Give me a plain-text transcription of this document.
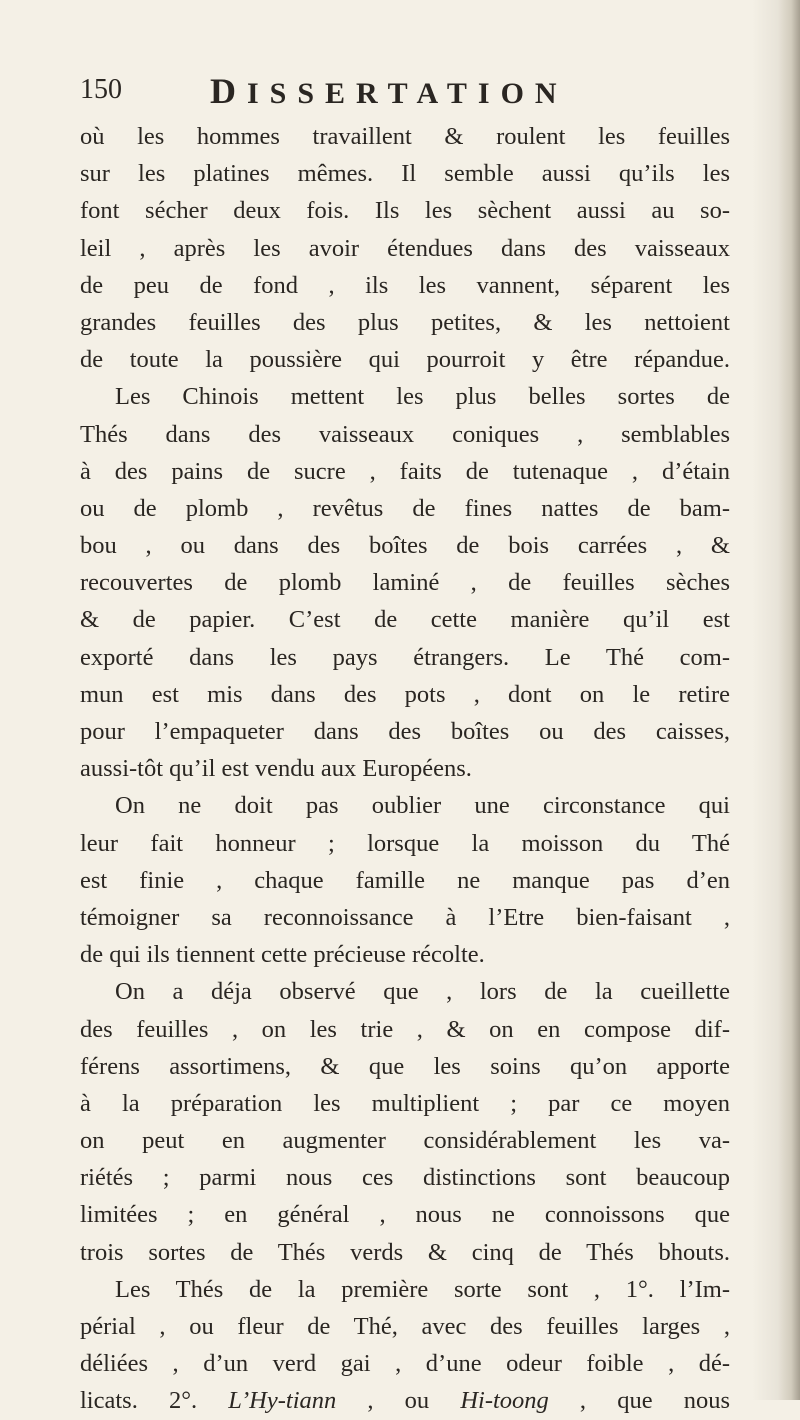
150 DISSERTATION
où les hommes travaillent & roulent les feuilles
sur les platines mêmes. Il semble aussi qu’ils les
font sécher deux fois. Ils les sèchent aussi au so-
leil , après les avoir étendues dans des vaisseaux
de peu de fond , ils les vannent, séparent les
grandes feuilles des plus petites, & les nettoient
de toute la poussière qui pourroit y être répandue.
Les Chinois mettent les plus belles sortes de
Thés dans des vaisseaux coniques , semblables
à des pains de sucre , faits de tutenaque , d’étain
ou de plomb , revêtus de fines nattes de bam-
bou , ou dans des boîtes de bois carrées , &
recouvertes de plomb laminé , de feuilles sèches
& de papier. C’est de cette manière qu’il est
exporté dans les pays étrangers. Le Thé com-
mun est mis dans des pots , dont on le retire
pour l’empaqueter dans des boîtes ou des caisses,
aussi-tôt qu’il est vendu aux Européens.
On ne doit pas oublier une circonstance qui
leur fait honneur ; lorsque la moisson du Thé
est finie , chaque famille ne manque pas d’en
témoigner sa reconnoissance à l’Etre bien-faisant ,
de qui ils tiennent cette précieuse récolte.
On a déja observé que , lors de la cueillette
des feuilles , on les trie , & on en compose dif-
férens assortimens, & que les soins qu’on apporte
à la préparation les multiplient ; par ce moyen
on peut en augmenter considérablement les va-
riétés ; parmi nous ces distinctions sont beaucoup
limitées ; en général , nous ne connoissons que
trois sortes de Thés verds & cinq de Thés bhouts.
Les Thés de la première sorte sont , 1°. l’Im-
périal , ou fleur de Thé, avec des feuilles larges ,
déliées , d’un verd gai , d’une odeur foible , dé-
licats. 2°. L’Hy-tiann , ou Hi-toong , que nous
